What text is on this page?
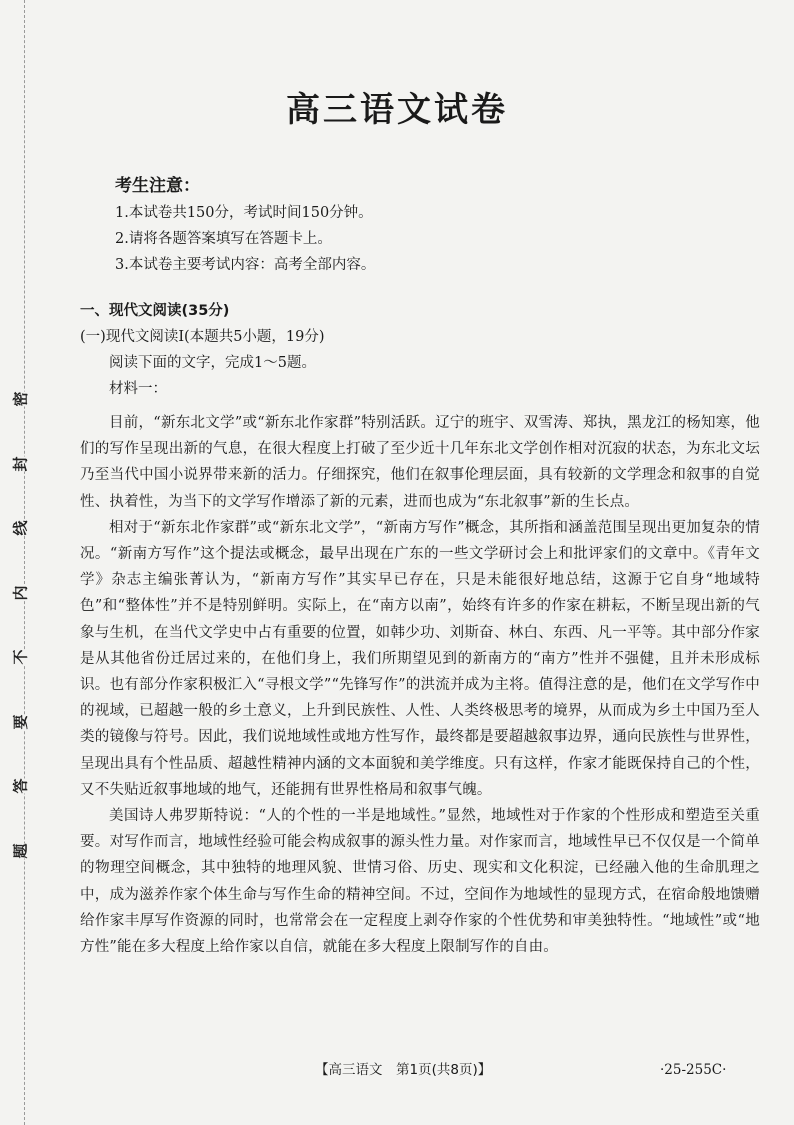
密
封
线
内
不
要
答
题
高三语文试卷
考生注意：
1.本试卷共150分，考试时间150分钟。
2.请将各题答案填写在答题卡上。
3.本试卷主要考试内容：高考全部内容。
一、现代文阅读(35分)
(一)现代文阅读Ⅰ(本题共5小题，19分)
阅读下面的文字，完成1～5题。
材料一：

目前，“新东北文学”或“新东北作家群”特别活跃。辽宁的班宇、双雪涛、郑执，黑龙江的杨知寒，他们的写作呈现出新的气息，在很大程度上打破了至少近十几年东北文学创作相对沉寂的状态，为东北文坛乃至当代中国小说界带来新的活力。仔细探究，他们在叙事伦理层面，具有较新的文学理念和叙事的自觉性、执着性，为当下的文学写作增添了新的元素，进而也成为“东北叙事”新的生长点。

相对于“新东北作家群”或“新东北文学”，“新南方写作”概念，其所指和涵盖范围呈现出更加复杂的情况。“新南方写作”这个提法或概念，最早出现在广东的一些文学研讨会上和批评家们的文章中。《青年文学》杂志主编张菁认为，“新南方写作”其实早已存在，只是未能很好地总结，这源于它自身“地域特色”和“整体性”并不是特别鲜明。实际上，在“南方以南”，始终有许多的作家在耕耘，不断呈现出新的气象与生机，在当代文学史中占有重要的位置，如韩少功、刘斯奋、林白、东西、凡一平等。其中部分作家是从其他省份迁居过来的，在他们身上，我们所期望见到的新南方的“南方”性并不强健，且并未形成标识。也有部分作家积极汇入“寻根文学”“先锋写作”的洪流并成为主将。值得注意的是，他们在文学写作中的视域，已超越一般的乡土意义，上升到民族性、人性、人类终极思考的境界，从而成为乡土中国乃至人类的镜像与符号。因此，我们说地域性或地方性写作，最终都是要超越叙事边界，通向民族性与世界性，呈现出具有个性品质、超越性精神内涵的文本面貌和美学维度。只有这样，作家才能既保持自己的个性，又不失贴近叙事地域的地气，还能拥有世界性格局和叙事气魄。

美国诗人弗罗斯特说：“人的个性的一半是地域性。”显然，地域性对于作家的个性形成和塑造至关重要。对写作而言，地域性经验可能会构成叙事的源头性力量。对作家而言，地域性早已不仅仅是一个简单的物理空间概念，其中独特的地理风貌、世情习俗、历史、现实和文化积淀，已经融入他的生命肌理之中，成为滋养作家个体生命与写作生命的精神空间。不过，空间作为地域性的显现方式，在宿命般地馈赠给作家丰厚写作资源的同时，也常常会在一定程度上剥夺作家的个性优势和审美独特性。“地域性”或“地方性”能在多大程度上给作家以自信，就能在多大程度上限制写作的自由。

【高三语文　第1页(共8页)】	·25-255C·
